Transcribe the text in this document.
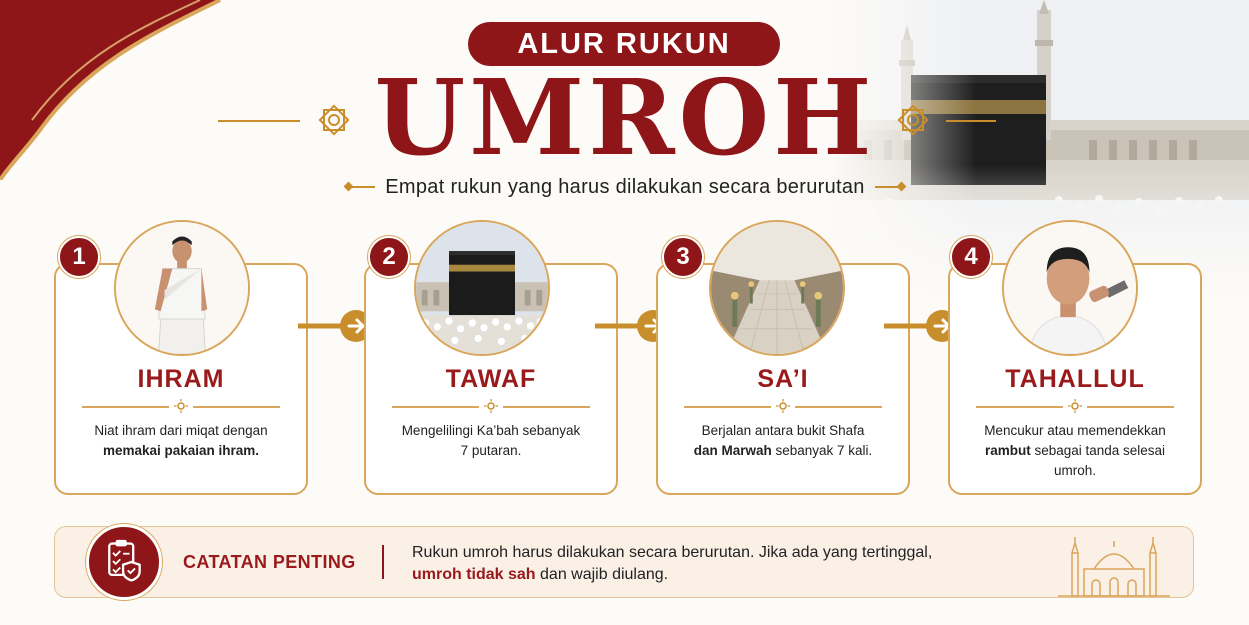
ALUR RUKUN
UMROH
Empat rukun yang harus dilakukan secara berurutan
IHRAM
Niat ihram dari miqat dengan
memakai pakaian ihram.
1
TAWAF
Mengelilingi Ka’bah sebanyak
7 putaran.
2
SA’I
Berjalan antara bukit Shafa
dan Marwah sebanyak 7 kali.
3
TAHALLUL
Mencukur atau memendekkan
rambut sebagai tanda selesai
umroh.
4
CATATAN PENTING	Rukun umroh harus dilakukan secara berurutan. Jika ada yang tertinggal,
umroh tidak sah dan wajib diulang.
